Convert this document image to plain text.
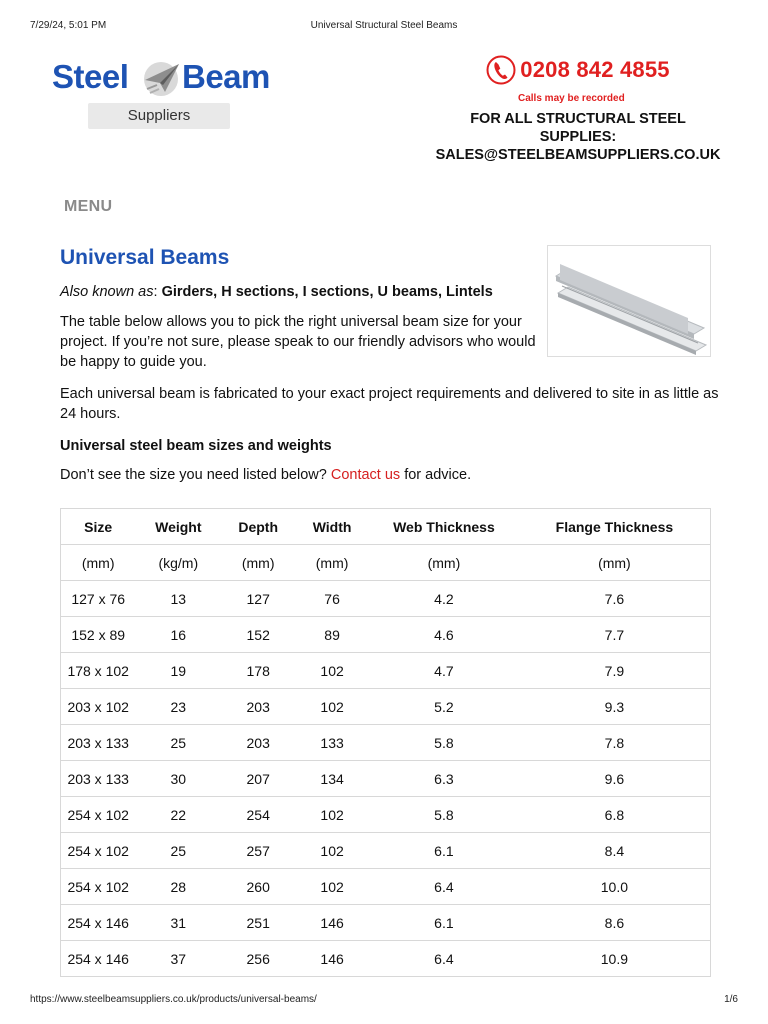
7/29/24, 5:01 PM	Universal Structural Steel Beams
Steel Beam
Suppliers
0208 842 4855
Calls may be recorded
FOR ALL STRUCTURAL STEEL
SUPPLIES:
SALES@STEELBEAMSUPPLIERS.CO.UK
MENU
Universal Beams

Also known as: Girders, H sections, I sections, U beams, Lintels

The table below allows you to pick the right universal beam size for your project. If you’re not sure, please speak to our friendly advisors who would be happy to guide you.

Each universal beam is fabricated to your exact project requirements and delivered to site in as little as 24 hours.

Universal steel beam sizes and weights

Don’t see the size you need listed below? Contact us for advice.

Size	Weight	Depth	Width	Web Thickness	Flange Thickness
(mm)	(kg/m)	(mm)	(mm)	(mm)	(mm)
127 x 76	13	127	76	4.2	7.6
152 x 89	16	152	89	4.6	7.7
178 x 102	19	178	102	4.7	7.9
203 x 102	23	203	102	5.2	9.3
203 x 133	25	203	133	5.8	7.8
203 x 133	30	207	134	6.3	9.6
254 x 102	22	254	102	5.8	6.8
254 x 102	25	257	102	6.1	8.4
254 x 102	28	260	102	6.4	10.0
254 x 146	31	251	146	6.1	8.6
254 x 146	37	256	146	6.4	10.9
https://www.steelbeamsuppliers.co.uk/products/universal-beams/	1/6
